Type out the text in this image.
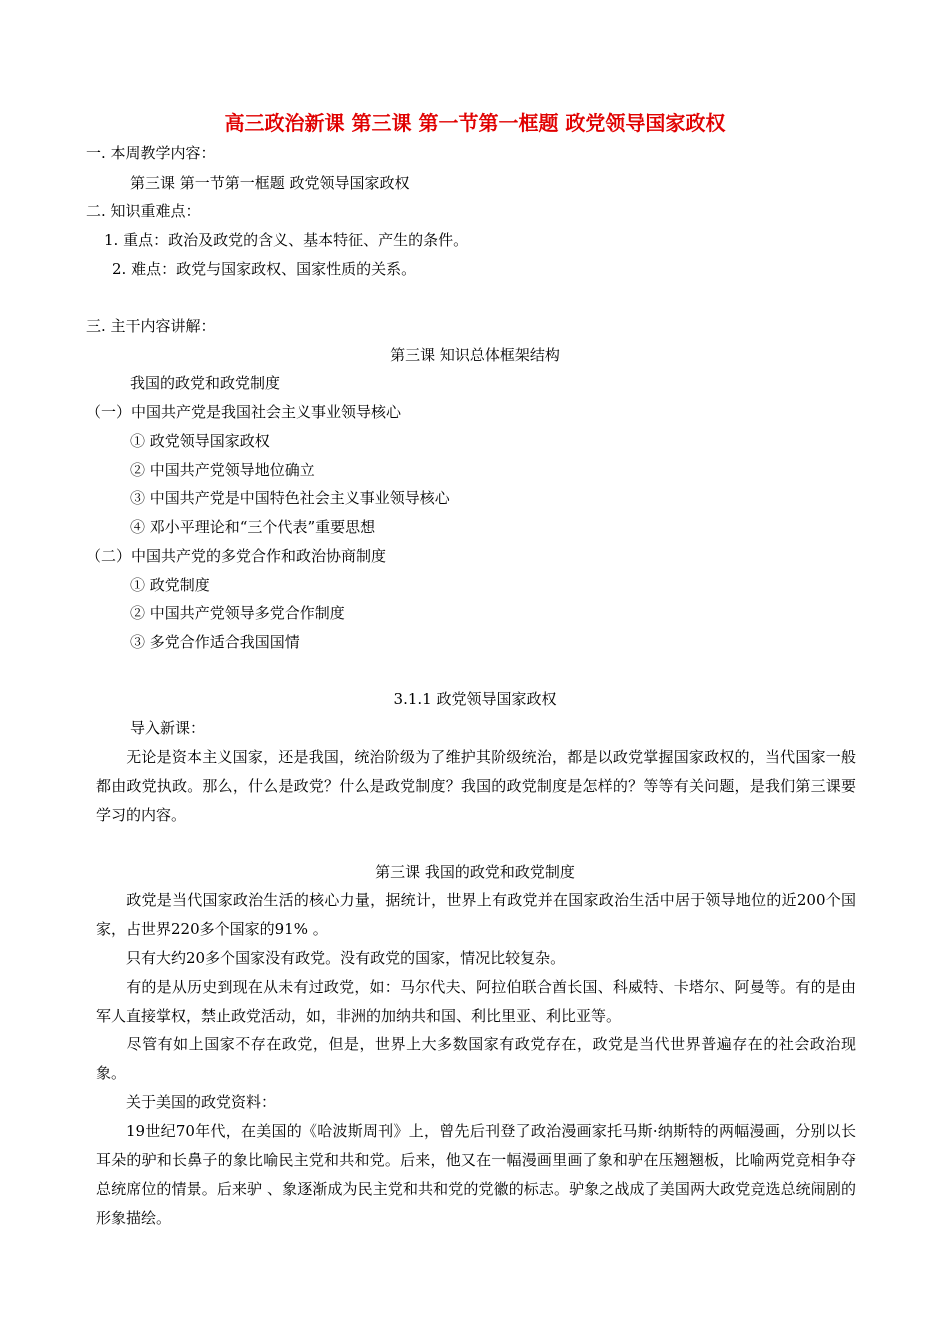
高三政治新课 第三课 第一节第一框题 政党领导国家政权
一. 本周教学内容：
第三课 第一节第一框题 政党领导国家政权
二. 知识重难点：
1. 重点：政治及政党的含义、基本特征、产生的条件。
2. 难点：政党与国家政权、国家性质的关系。
三. 主干内容讲解：
第三课 知识总体框架结构
我国的政党和政党制度
（一）中国共产党是我国社会主义事业领导核心
① 政党领导国家政权
② 中国共产党领导地位确立
③ 中国共产党是中国特色社会主义事业领导核心
④ 邓小平理论和“三个代表”重要思想
（二）中国共产党的多党合作和政治协商制度
① 政党制度
② 中国共产党领导多党合作制度
③ 多党合作适合我国国情
3.1.1 政党领导国家政权
导入新课：
无论是资本主义国家，还是我国，统治阶级为了维护其阶级统治，都是以政党掌握国家政权的，当代国家一般都由政党执政。那么，什么是政党？什么是政党制度？我国的政党制度是怎样的？等等有关问题，是我们第三课要学习的内容。
第三课 我国的政党和政党制度
政党是当代国家政治生活的核心力量，据统计，世界上有政党并在国家政治生活中居于领导地位的近200个国家，占世界220多个国家的91% 。
只有大约20多个国家没有政党。没有政党的国家，情况比较复杂。
有的是从历史到现在从未有过政党，如：马尔代夫、阿拉伯联合酋长国、科威特、卡塔尔、阿曼等。有的是由军人直接掌权，禁止政党活动，如，非洲的加纳共和国、利比里亚、利比亚等。
尽管有如上国家不存在政党，但是，世界上大多数国家有政党存在，政党是当代世界普遍存在的社会政治现象。
关于美国的政党资料：
19世纪70年代，在美国的《哈波斯周刊》上，曾先后刊登了政治漫画家托马斯·纳斯特的两幅漫画，分别以长耳朵的驴和长鼻子的象比喻民主党和共和党。后来，他又在一幅漫画里画了象和驴在压翘翘板，比喻两党竞相争夺总统席位的情景。后来驴 、象逐渐成为民主党和共和党的党徽的标志。驴象之战成了美国两大政党竞选总统闹剧的形象描绘。
